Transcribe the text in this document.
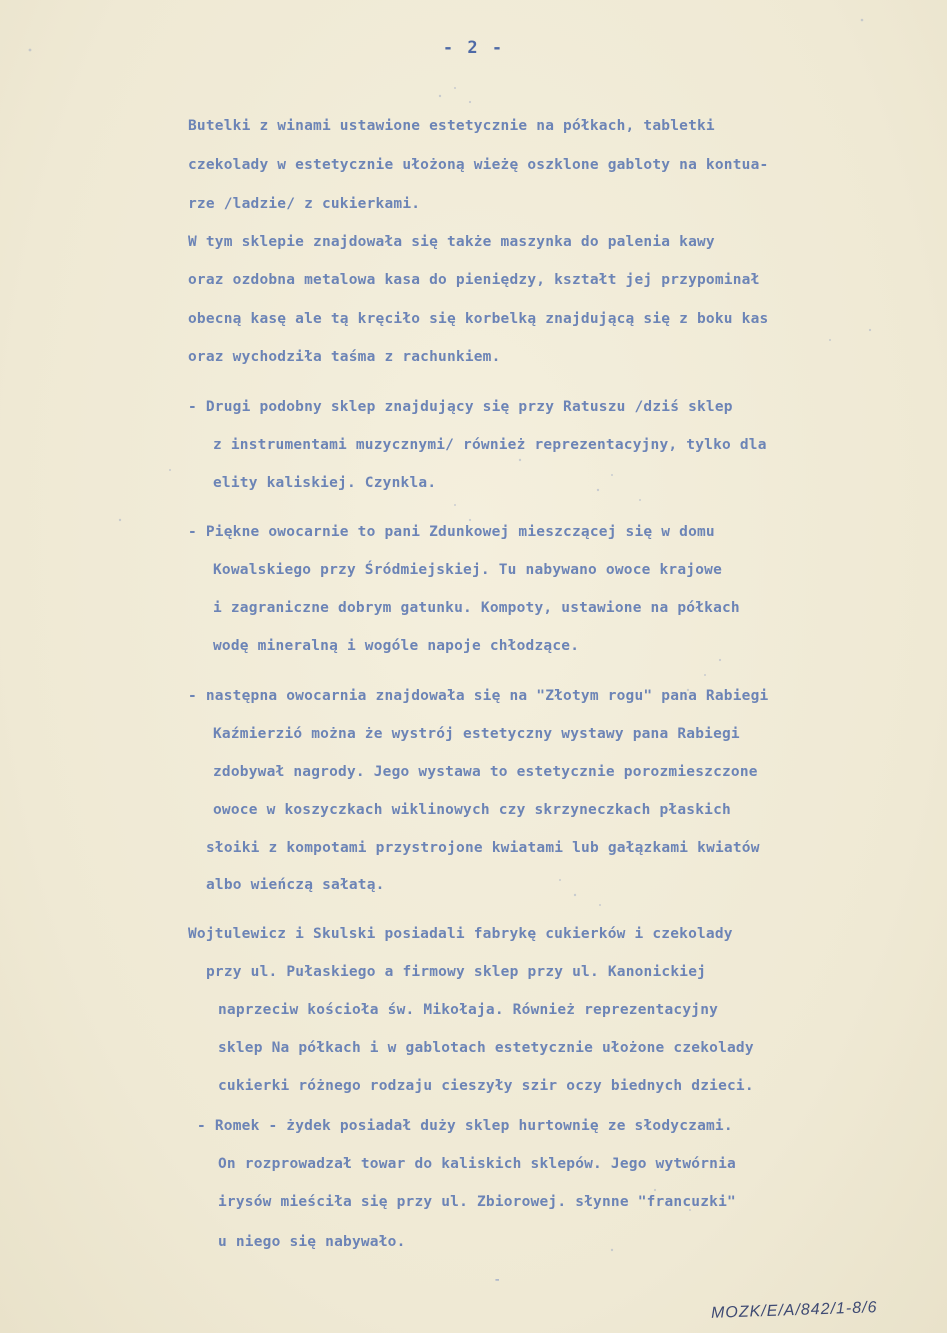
- 2 -
Butelki z winami ustawione estetycznie na półkach, tabletki
czekolady w estetycznie ułożoną wieżę oszklone gabloty na kontua-
rze /ladzie/ z cukierkami.
W tym sklepie znajdowała się także maszynka do palenia kawy
oraz ozdobna metalowa kasa do pieniędzy, kształt jej przypominał
obecną kasę ale tą kręciło się korbelką znajdującą się z boku kas
oraz wychodziła taśma z rachunkiem.
- Drugi podobny sklep znajdujący się przy Ratuszu /dziś sklep
z instrumentami muzycznymi/ również reprezentacyjny, tylko dla
elity kaliskiej. Czynkla.
- Piękne owocarnie to pani Zdunkowej mieszczącej się w domu
Kowalskiego przy Śródmiejskiej. Tu nabywano owoce krajowe
i zagraniczne dobrym gatunku. Kompoty, ustawione na półkach
wodę mineralną i wogóle napoje chłodzące.
- następna owocarnia znajdowała się na "Złotym rogu" pana Rabiegi
Kaźmierzió można że wystrój estetyczny wystawy pana Rabiegi
zdobywał nagrody. Jego wystawa to estetycznie porozmieszczone
owoce w koszyczkach wiklinowych czy skrzyneczkach płaskich
słoiki z kompotami przystrojone kwiatami lub gałązkami kwiatów
albo wieńczą sałatą.
Wojtulewicz i Skulski posiadali fabrykę cukierków i czekolady
przy ul. Pułaskiego a firmowy sklep przy ul. Kanonickiej
naprzeciw kościoła św. Mikołaja. Również reprezentacyjny
sklep Na półkach i w gablotach estetycznie ułożone czekolady
cukierki różnego rodzaju cieszyły szir oczy biednych dzieci.
- Romek - żydek posiadał duży sklep hurtownię ze słodyczami.
On rozprowadzał towar do kaliskich sklepów. Jego wytwórnia
irysów mieściła się przy ul. Zbiorowej. słynne "francuzki"
u niego się nabywało.
-
MOZK/E/A/842/1-8/6
